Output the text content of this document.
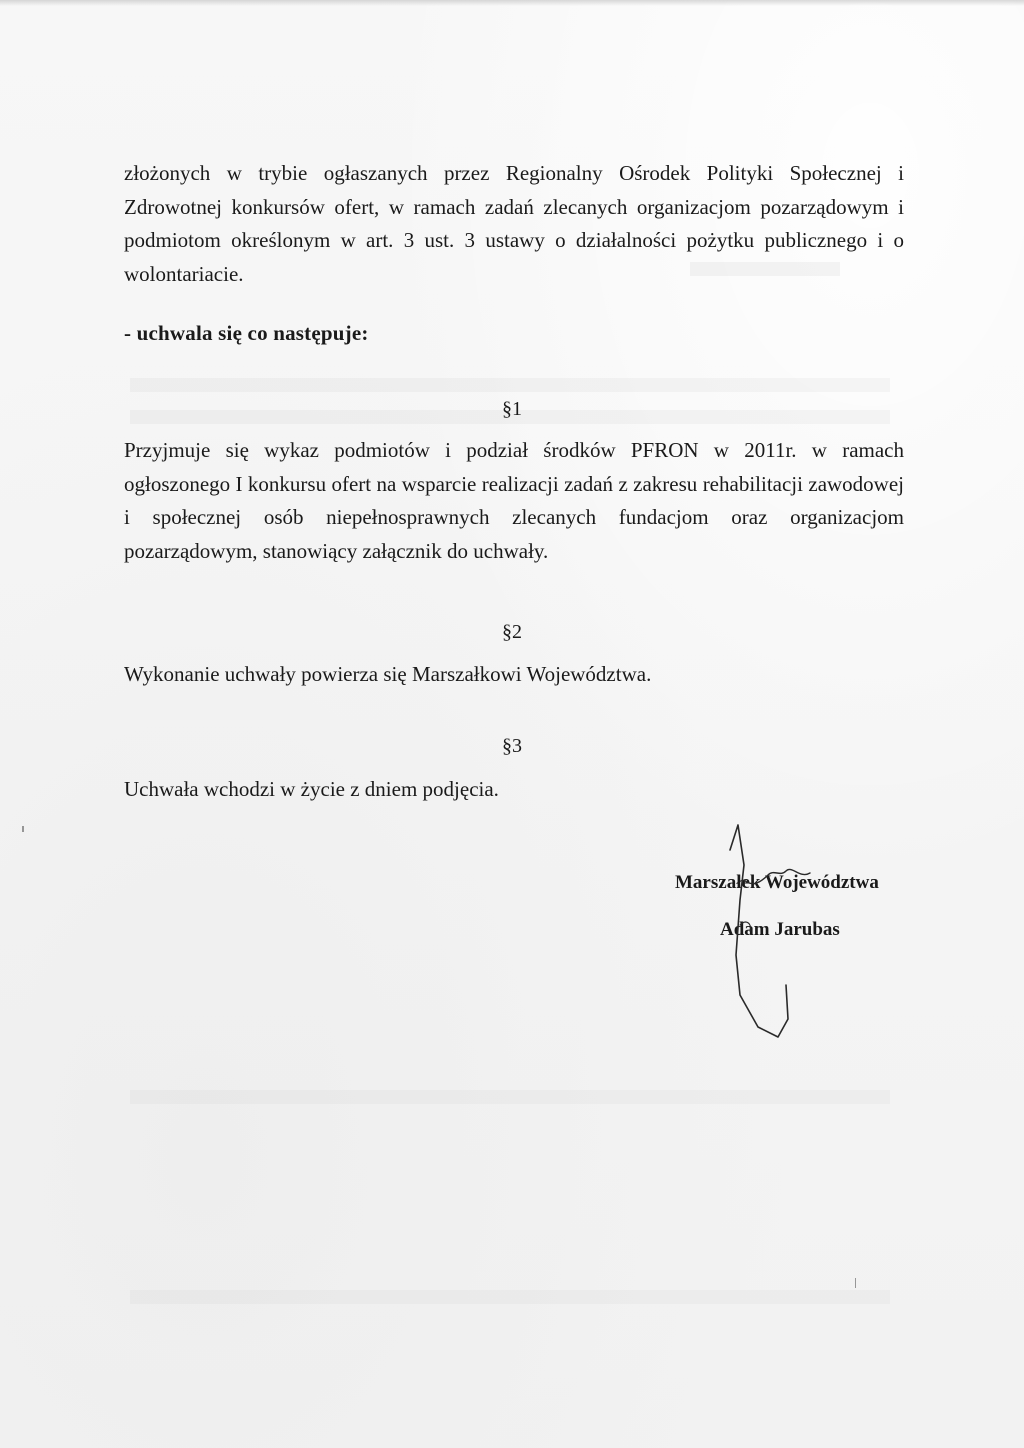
złożonych w trybie ogłaszanych przez Regionalny Ośrodek Polityki Społecznej i Zdrowotnej konkursów ofert, w ramach zadań zlecanych organizacjom pozarządowym i podmiotom określonym w art. 3 ust. 3 ustawy o działalności pożytku publicznego i o wolontariacie.

- uchwala się co następuje:

§1

Przyjmuje się wykaz podmiotów i podział środków PFRON w 2011r. w ramach ogłoszonego I konkursu ofert na wsparcie realizacji zadań z zakresu rehabilitacji zawodowej i społecznej osób niepełnosprawnych zlecanych fundacjom oraz organizacjom pozarządowym, stanowiący załącznik do uchwały.

§2

Wykonanie uchwały powierza się Marszałkowi Województwa.

§3

Uchwała wchodzi w życie z dniem podjęcia.

Marszałek Województwa

Adam Jarubas
